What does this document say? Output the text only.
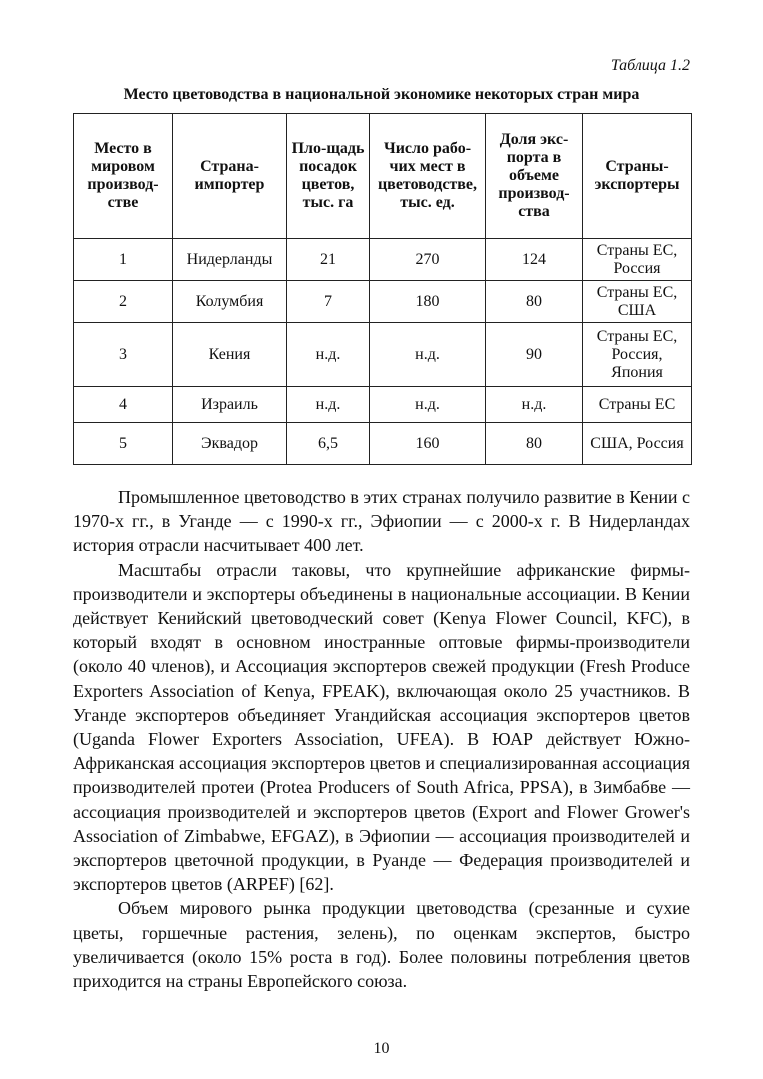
Таблица 1.2
Место цветоводства в национальной экономике некоторых стран мира
Место в мировом производ-стве	Страна-импортер	Пло-щадь посадок цветов, тыс. га	Число рабо-чих мест в цветоводстве, тыс. ед.	Доля экс-порта в объеме производ-ства	Страны-экспортеры
1	Нидерланды	21	270	124	Страны ЕС, Россия
2	Колумбия	7	180	80	Страны ЕС, США
3	Кения	н.д.	н.д.	90	Страны ЕС, Россия, Япония
4	Израиль	н.д.	н.д.	н.д.	Страны ЕС
5	Эквадор	6,5	160	80	США, Россия

Промышленное цветоводство в этих странах получило развитие в Кении с 1970-х гг., в Уганде — с 1990-х гг., Эфиопии — с 2000-х г. В Нидерландах история отрасли насчитывает 400 лет.

Масштабы отрасли таковы, что крупнейшие африканские фирмы-производители и экспортеры объединены в национальные ассоциации. В Кении действует Кенийский цветоводческий совет (Kenya Flower Council, KFC), в который входят в основном иностранные оптовые фирмы-производители (около 40 членов), и Ассоциация экспортеров свежей продукции (Fresh Produce Exporters Association of Kenya, FPEAK), включающая около 25 участников. В Уганде экспортеров объединяет Угандийская ассоциация экспортеров цветов (Uganda Flower Exporters Association, UFEA). В ЮАР действует Южно-Африканская ассоциация экспортеров цветов и специализированная ассоциация производителей протеи (Protea Producers of South Africa, PPSA), в Зимбабве — ассоциация производителей и экспортеров цветов (Export and Flower Grower's Association of Zimbabwe, EFGAZ), в Эфиопии — ассоциация производителей и экспортеров цветочной продукции, в Руанде — Федерация производителей и экспортеров цветов (ARPEF) [62].

Объем мирового рынка продукции цветоводства (срезанные и сухие цветы, горшечные растения, зелень), по оценкам экспертов, быстро увеличивается (около 15% роста в год). Более половины потребления цветов приходится на страны Европейского союза.

10
